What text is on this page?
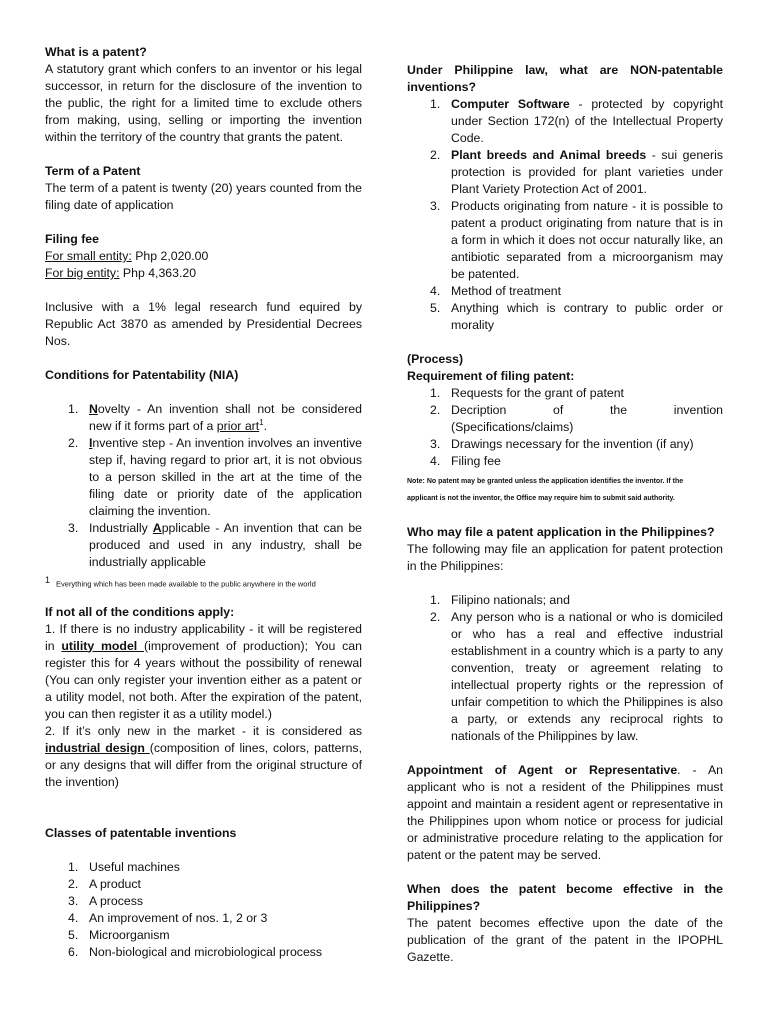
What is a patent?

A statutory grant which confers to an inventor or his legal successor, in return for the disclosure of the invention to the public, the right for a limited time to exclude others from making, using, selling or importing the invention within the territory of the country that grants the patent.

Term of a Patent

The term of a patent is twenty (20) years counted from the filing date of application

Filing fee

For small entity: Php 2,020.00

For big entity: Php 4,363.20

Inclusive with a 1% legal research fund equired by Republic Act 3870 as amended by Presidential Decrees Nos.

Conditions for Patentability (NIA)

1. Novelty - An invention shall not be considered new if it forms part of a prior art$^1$.
2. Inventive step - An invention involves an inventive step if, having regard to prior art, it is not obvious to a person skilled in the art at the time of the filing date or priority date of the application claiming the invention.
3. Industrially Applicable - An invention that can be produced and used in any industry, shall be industrially applicable

1 Everything which has been made available to the public anywhere in the world

If not all of the conditions apply:

1. If there is no industry applicability - it will be registered in utility model (improvement of production); You can register this for 4 years without the possibility of renewal (You can only register your invention either as a patent or a utility model, not both. After the expiration of the patent, you can then register it as a utility model.)

2. If it’s only new in the market - it is considered as industrial design (composition of lines, colors, patterns, or any designs that will differ from the original structure of the invention)

Classes of patentable inventions

1. Useful machines
2. A product
3. A process
4. An improvement of nos. 1, 2 or 3
5. Microorganism
6. Non-biological and microbiological process

Under Philippine law, what are NON-patentable inventions?

1. Computer Software - protected by copyright under Section 172(n) of the Intellectual Property Code.
2. Plant breeds and Animal breeds - sui generis protection is provided for plant varieties under Plant Variety Protection Act of 2001.
3. Products originating from nature - it is possible to patent a product originating from nature that is in a form in which it does not occur naturally like, an antibiotic separated from a microorganism may be patented.
4. Method of treatment
5. Anything which is contrary to public order or morality

(Process)

Requirement of filing patent:

1. Requests for the grant of patent
2. Decription of the invention
(Specifications/claims)
3. Drawings necessary for the invention (if any)
4. Filing fee

Note: No patent may be granted unless the application identifies the inventor. If the

applicant is not the inventor, the Office may require him to submit said authority.

Who may file a patent application in the Philippines?

The following may file an application for patent protection in the Philippines:

1. Filipino nationals; and
2. Any person who is a national or who is domiciled or who has a real and effective industrial establishment in a country which is a party to any convention, treaty or agreement relating to intellectual property rights or the repression of unfair competition to which the Philippines is also a party, or extends any reciprocal rights to nationals of the Philippines by law.

Appointment of Agent or Representative. - An applicant who is not a resident of the Philippines must appoint and maintain a resident agent or representative in the Philippines upon whom notice or process for judicial or administrative procedure relating to the application for patent or the patent may be served.

When does the patent become effective in the Philippines?

The patent becomes effective upon the date of the publication of the grant of the patent in the IPOPHL Gazette.
